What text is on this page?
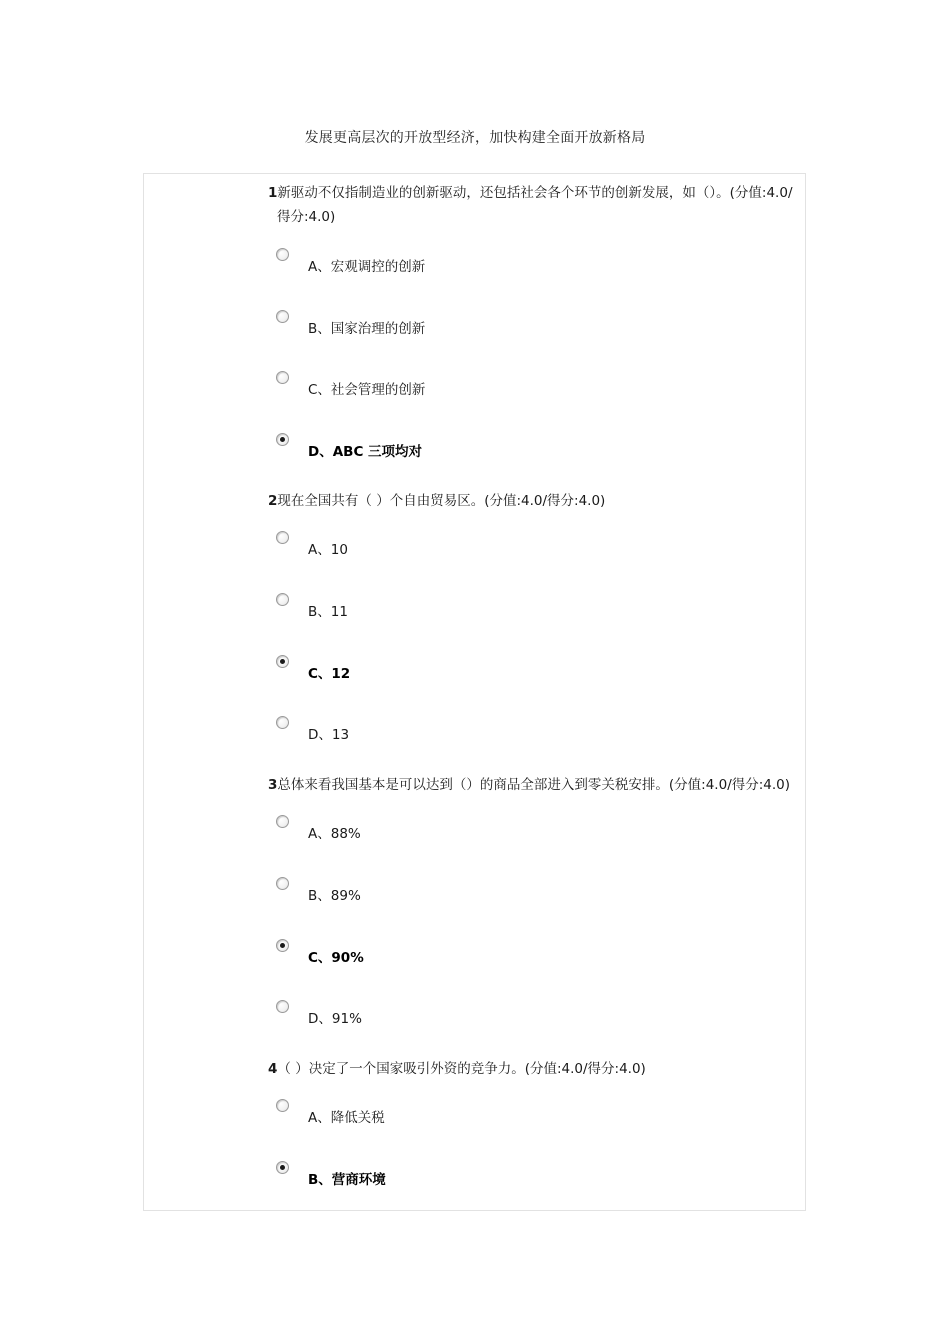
发展更高层次的开放型经济，加快构建全面开放新格局
1新驱动不仅指制造业的创新驱动，还包括社会各个环节的创新发展，如（）。(分值:4.0/
得分:4.0)
A、宏观调控的创新
B、国家治理的创新
C、社会管理的创新
D、ABC 三项均对
2现在全国共有（ ）个自由贸易区。(分值:4.0/得分:4.0)
A、10
B、11
C、12
D、13
3总体来看我国基本是可以达到（）的商品全部进入到零关税安排。(分值:4.0/得分:4.0)
A、88%
B、89%
C、90%
D、91%
4（ ）决定了一个国家吸引外资的竞争力。(分值:4.0/得分:4.0)
A、降低关税
B、营商环境
